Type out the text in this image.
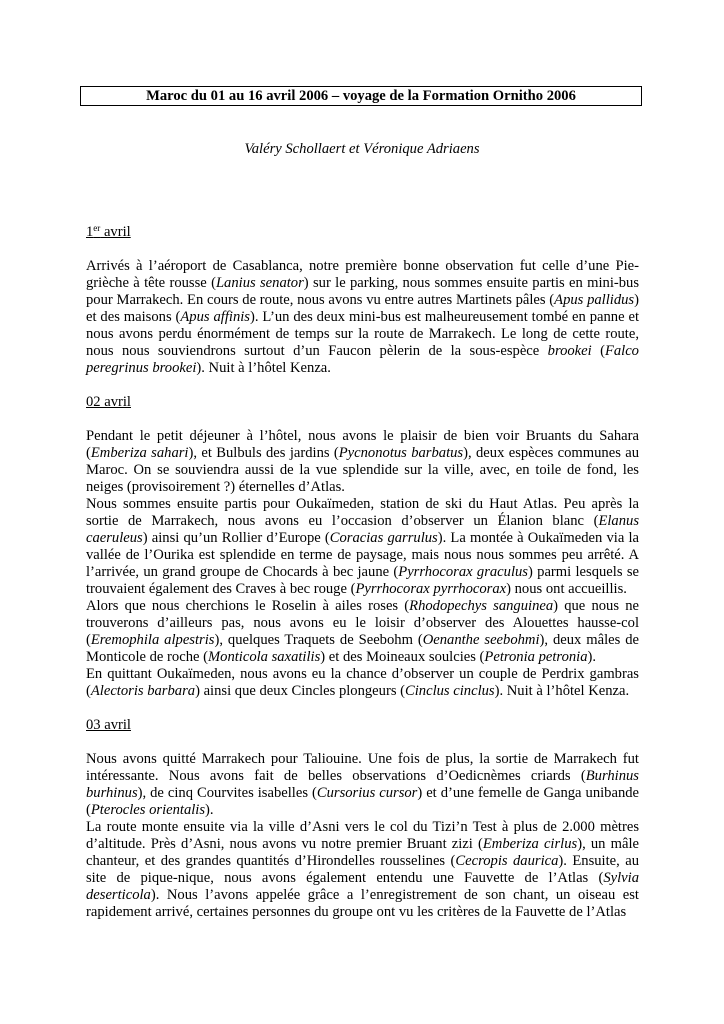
Maroc du 01 au 16 avril 2006 – voyage de la Formation Ornitho 2006
Valéry Schollaert et Véronique Adriaens
1er avril

Arrivés à l’aéroport de Casablanca, notre première bonne observation fut celle d’une Pie-grièche à tête rousse (Lanius senator) sur le parking, nous sommes ensuite partis en mini-bus pour Marrakech. En cours de route, nous avons vu entre autres Martinets pâles (Apus pallidus) et des maisons (Apus affinis). L’un des deux mini-bus est malheureusement tombé en panne et nous avons perdu énormément de temps sur la route de Marrakech. Le long de cette route, nous nous souviendrons surtout d’un Faucon pèlerin de la sous-espèce brookei (Falco peregrinus brookei). Nuit à l’hôtel Kenza.

02 avril

Pendant le petit déjeuner à l’hôtel, nous avons le plaisir de bien voir Bruants du Sahara (Emberiza sahari), et Bulbuls des jardins (Pycnonotus barbatus), deux espèces communes au Maroc. On se souviendra aussi de la vue splendide sur la ville, avec, en toile de fond, les neiges (provisoirement ?) éternelles d’Atlas.

Nous sommes ensuite partis pour Oukaïmeden, station de ski du Haut Atlas. Peu après la sortie de Marrakech, nous avons eu l’occasion d’observer un Élanion blanc (Elanus caeruleus) ainsi qu’un Rollier d’Europe (Coracias garrulus). La montée à Oukaïmeden via la vallée de l’Ourika est splendide en terme de paysage, mais nous nous sommes peu arrêté. A l’arrivée, un grand groupe de Chocards à bec jaune (Pyrrhocorax graculus) parmi lesquels se trouvaient également des Craves à bec rouge (Pyrrhocorax pyrrhocorax) nous ont accueillis.

Alors que nous cherchions le Roselin à ailes roses (Rhodopechys sanguinea) que nous ne trouverons d’ailleurs pas, nous avons eu le loisir d’observer des Alouettes hausse-col (Eremophila alpestris), quelques Traquets de Seebohm (Oenanthe seebohmi), deux mâles de Monticole de roche (Monticola saxatilis) et des Moineaux soulcies (Petronia petronia).

En quittant Oukaïmeden, nous avons eu la chance d’observer un couple de Perdrix gambras (Alectoris barbara) ainsi que deux Cincles plongeurs (Cinclus cinclus). Nuit à l’hôtel Kenza.

03 avril

Nous avons quitté Marrakech pour Taliouine. Une fois de plus, la sortie de Marrakech fut intéressante. Nous avons fait de belles observations d’Oedicnèmes criards (Burhinus burhinus), de cinq Courvites isabelles (Cursorius cursor) et d’une femelle de Ganga unibande (Pterocles orientalis).

La route monte ensuite via la ville d’Asni vers le col du Tizi’n Test à plus de 2.000 mètres d’altitude. Près d’Asni, nous avons vu notre premier Bruant zizi (Emberiza cirlus), un mâle chanteur, et des grandes quantités d’Hirondelles rousselines (Cecropis daurica). Ensuite, au site de pique-nique, nous avons également entendu une Fauvette de l’Atlas (Sylvia deserticola). Nous l’avons appelée grâce a l’enregistrement de son chant, un oiseau est rapidement arrivé, certaines personnes du groupe ont vu les critères de la Fauvette de l’Atlas
